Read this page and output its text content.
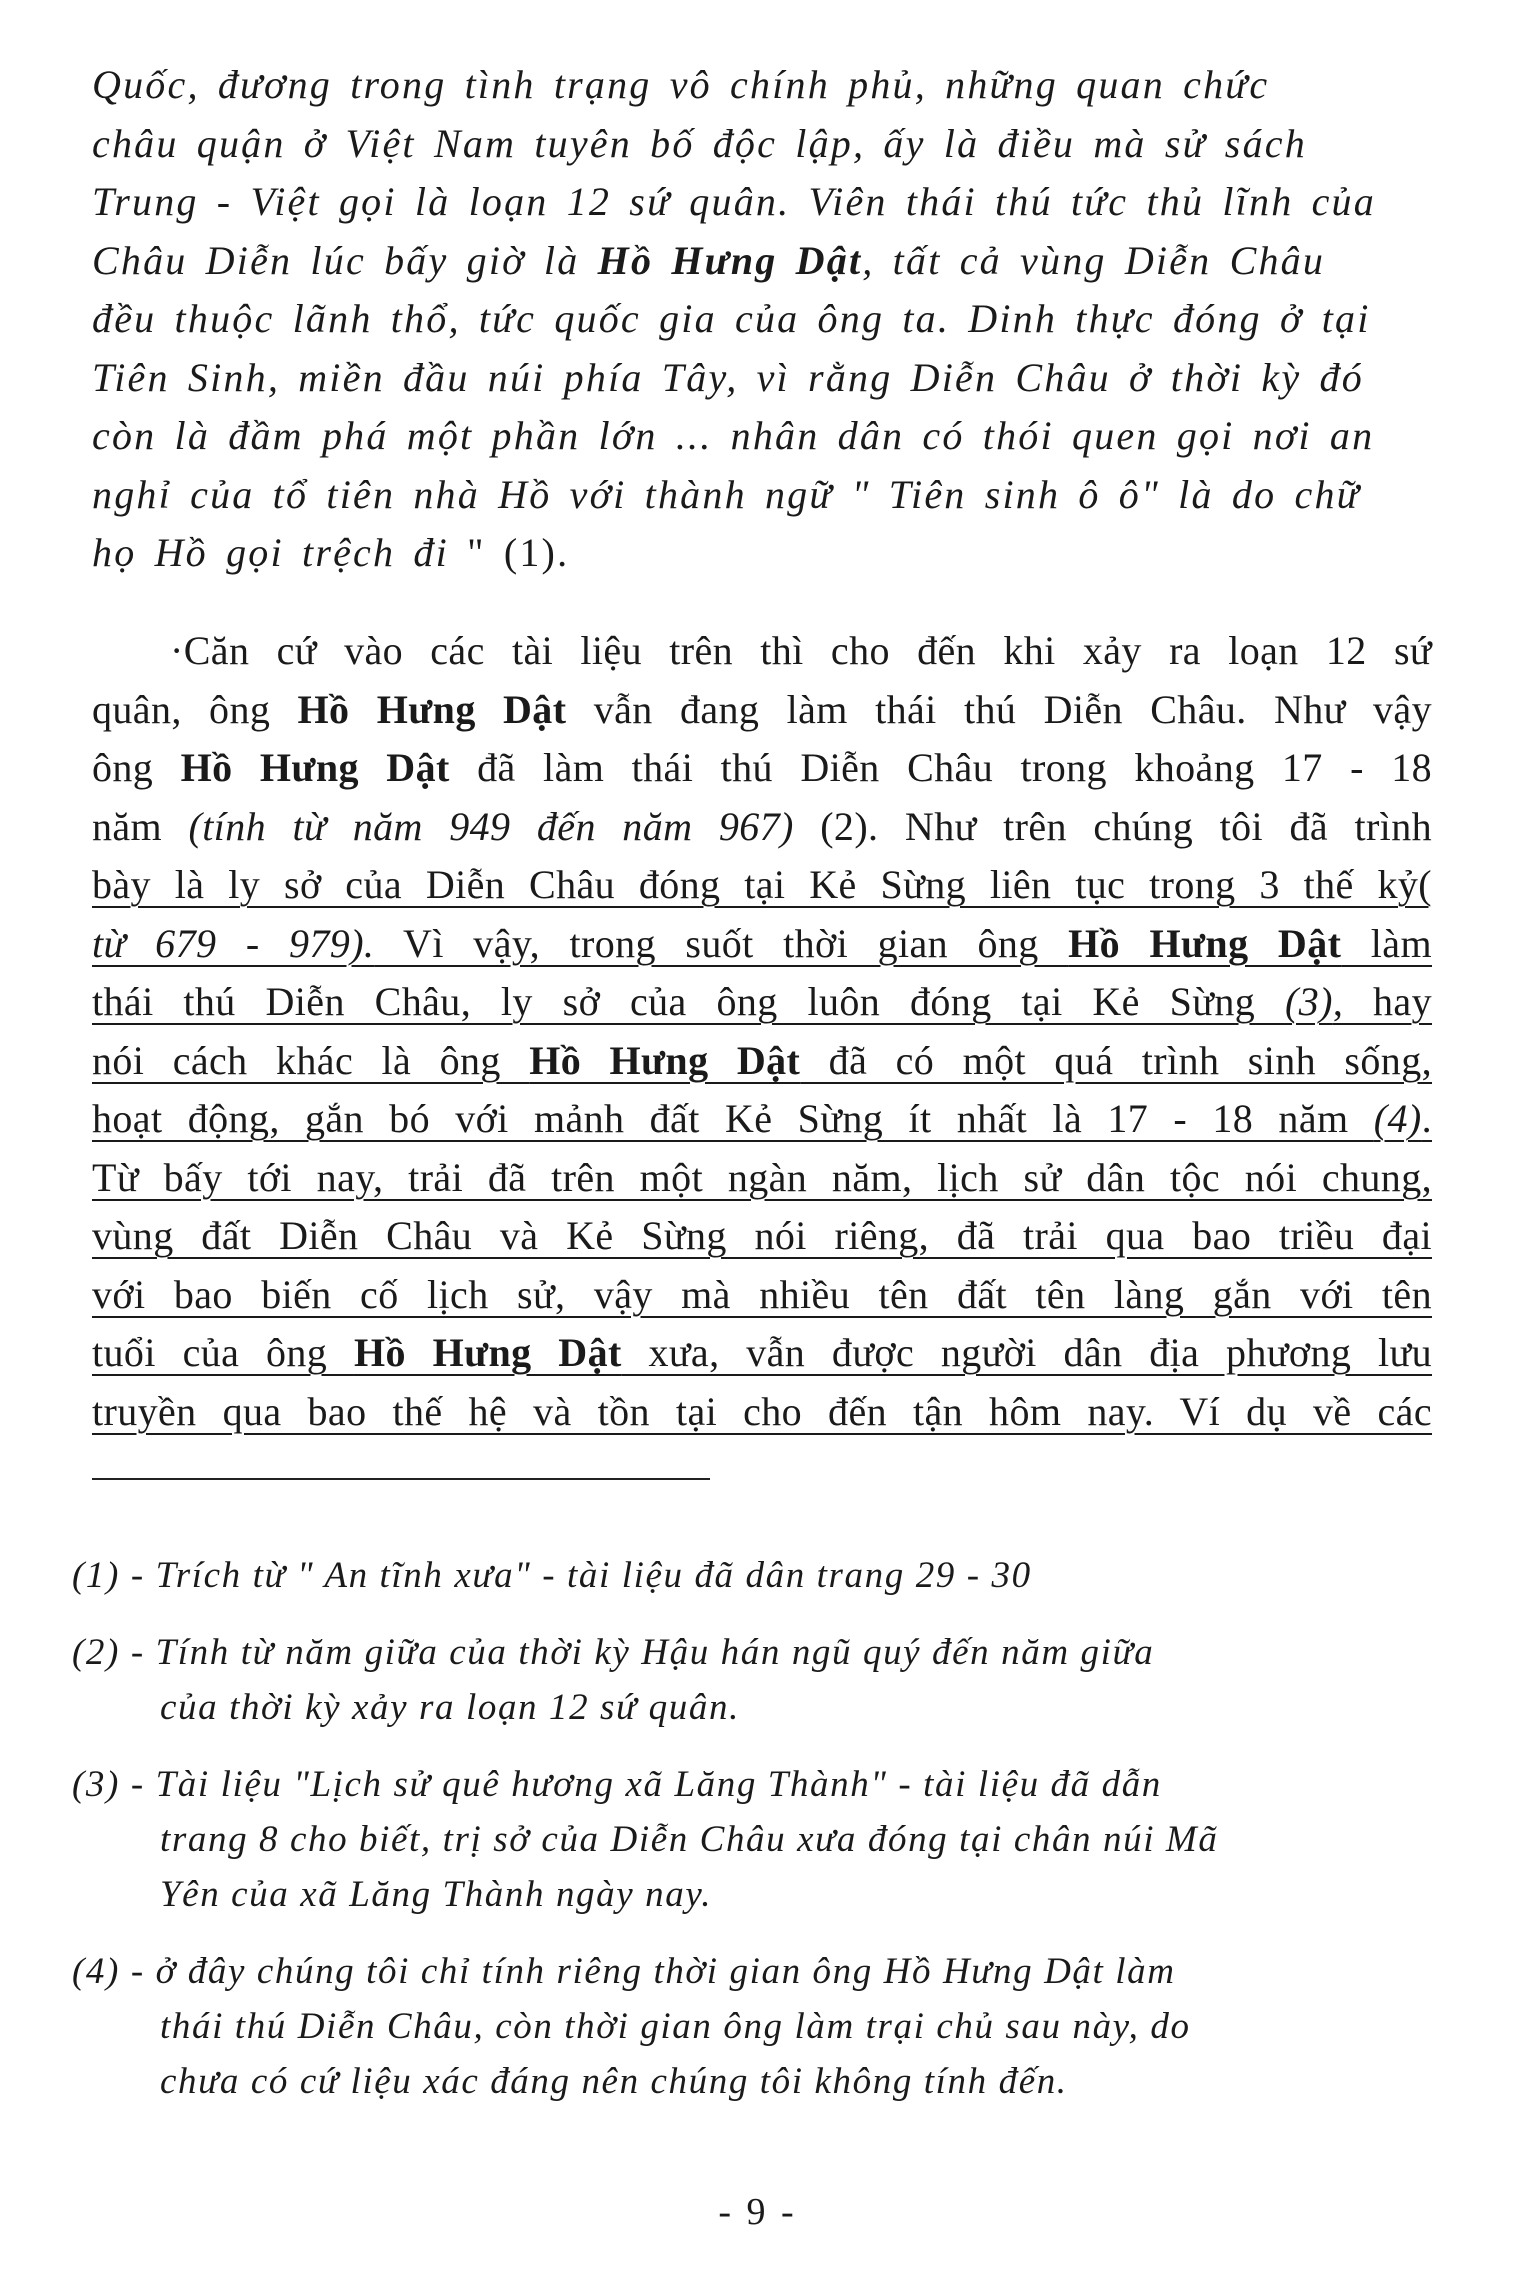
Quốc, đương trong tình trạng vô chính phủ, những quan chức
châu quận ở Việt Nam tuyên bố độc lập, ấy là điều mà sử sách
Trung - Việt gọi là loạn 12 sứ quân. Viên thái thú tức thủ lĩnh của
Châu Diễn lúc bấy giờ là Hồ Hưng Dật, tất cả vùng Diễn Châu
đều thuộc lãnh thổ, tức quốc gia của ông ta. Dinh thực đóng ở tại
Tiên Sinh, miền đầu núi phía Tây, vì rằng Diễn Châu ở thời kỳ đó
còn là đầm phá một phần lớn ... nhân dân có thói quen gọi nơi an
nghỉ của tổ tiên nhà Hồ với thành ngữ " Tiên sinh ô ô" là do chữ
họ Hồ gọi trệch đi " (1).
·Căn cứ vào các tài liệu trên thì cho đến khi xảy ra loạn 12 sứ
quân, ông Hồ Hưng Dật vẫn đang làm thái thú Diễn Châu. Như vậy
ông Hồ Hưng Dật đã làm thái thú Diễn Châu trong khoảng 17 - 18
năm (tính từ năm 949 đến năm 967) (2). Như trên chúng tôi đã trình
bày là ly sở của Diễn Châu đóng tại Kẻ Sừng liên tục trong 3 thế kỷ(
từ 679 - 979). Vì vậy, trong suốt thời gian ông Hồ Hưng Dật làm
thái thú Diễn Châu, ly sở của ông luôn đóng tại Kẻ Sừng (3), hay
nói cách khác là ông Hồ Hưng Dật đã có một quá trình sinh sống,
hoạt động, gắn bó với mảnh đất Kẻ Sừng ít nhất là 17 - 18 năm (4).
Từ bấy tới nay, trải đã trên một ngàn năm, lịch sử dân tộc nói chung,
vùng đất Diễn Châu và Kẻ Sừng nói riêng, đã trải qua bao triều đại
với bao biến cố lịch sử, vậy mà nhiều tên đất tên làng gắn với tên
tuổi của ông Hồ Hưng Dật xưa, vẫn được người dân địa phương lưu
truyền qua bao thế hệ và tồn tại cho đến tận hôm nay. Ví dụ về các
(1) - Trích từ " An tĩnh xưa" - tài liệu đã dân trang 29 - 30
(2) - Tính từ năm giữa của thời kỳ Hậu hán ngũ quý đến năm giữa
của thời kỳ xảy ra loạn 12 sứ quân.
(3) - Tài liệu "Lịch sử quê hương xã Lăng Thành" - tài liệu đã dẫn
trang 8 cho biết, trị sở của Diễn Châu xưa đóng tại chân núi Mã
Yên của xã Lăng Thành ngày nay.
(4) - ở đây chúng tôi chỉ tính riêng thời gian ông Hồ Hưng Dật làm
thái thú Diễn Châu, còn thời gian ông làm trại chủ sau này, do
chưa có cứ liệu xác đáng nên chúng tôi không tính đến.
- 9 -
